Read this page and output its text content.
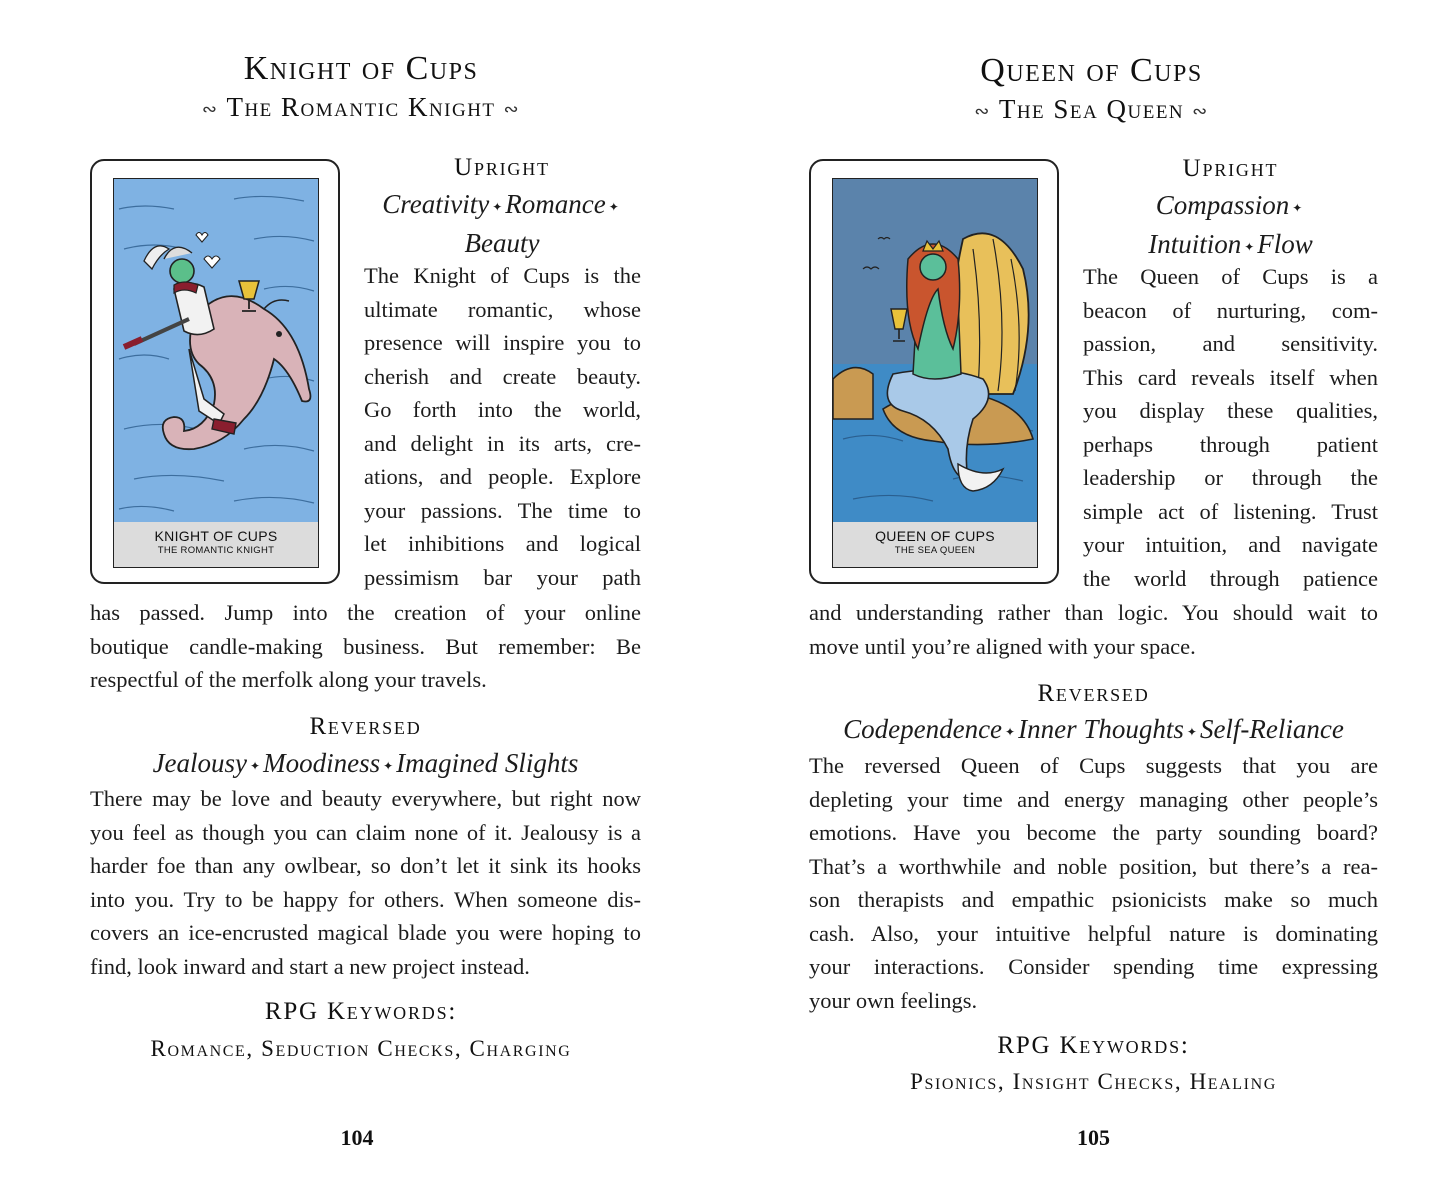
Knight of Cups
∾ The Romantic Knight ∾
KNIGHT OF CUPS
THE ROMANTIC KNIGHT
Upright
Creativity ✦ Romance ✦
Beauty
The Knight of Cups is the
ultimate romantic, whose
presence will inspire you to
cherish and create beauty.
Go forth into the world,
and delight in its arts, cre-
ations, and people. Explore
your passions. The time to
let inhibitions and logical
pessimism bar your path
has passed. Jump into the creation of your online
boutique candle-making business. But remember: Be
respectful of the merfolk along your travels.
Reversed
Jealousy ✦ Moodiness ✦ Imagined Slights
There may be love and beauty everywhere, but right now
you feel as though you can claim none of it. Jealousy is a
harder foe than any owlbear, so don’t let it sink its hooks
into you. Try to be happy for others. When someone dis-
covers an ice-encrusted magical blade you were hoping to
find, look inward and start a new project instead.
RPG Keywords:
Romance, Seduction Checks, Charging
104
Queen of Cups
∾ The Sea Queen ∾
QUEEN OF CUPS
THE SEA QUEEN
Upright
Compassion ✦
Intuition ✦ Flow
The Queen of Cups is a
beacon of nurturing, com-
passion, and sensitivity.
This card reveals itself when
you display these qualities,
perhaps through patient
leadership or through the
simple act of listening. Trust
your intuition, and navigate
the world through patience
and understanding rather than logic. You should wait to
move until you’re aligned with your space.
Reversed
Codependence ✦ Inner Thoughts ✦ Self-Reliance
The reversed Queen of Cups suggests that you are
depleting your time and energy managing other people’s
emotions. Have you become the party sounding board?
That’s a worthwhile and noble position, but there’s a rea-
son therapists and empathic psionicists make so much
cash. Also, your intuitive helpful nature is dominating
your interactions. Consider spending time expressing
your own feelings.
RPG Keywords:
Psionics, Insight Checks, Healing
105
